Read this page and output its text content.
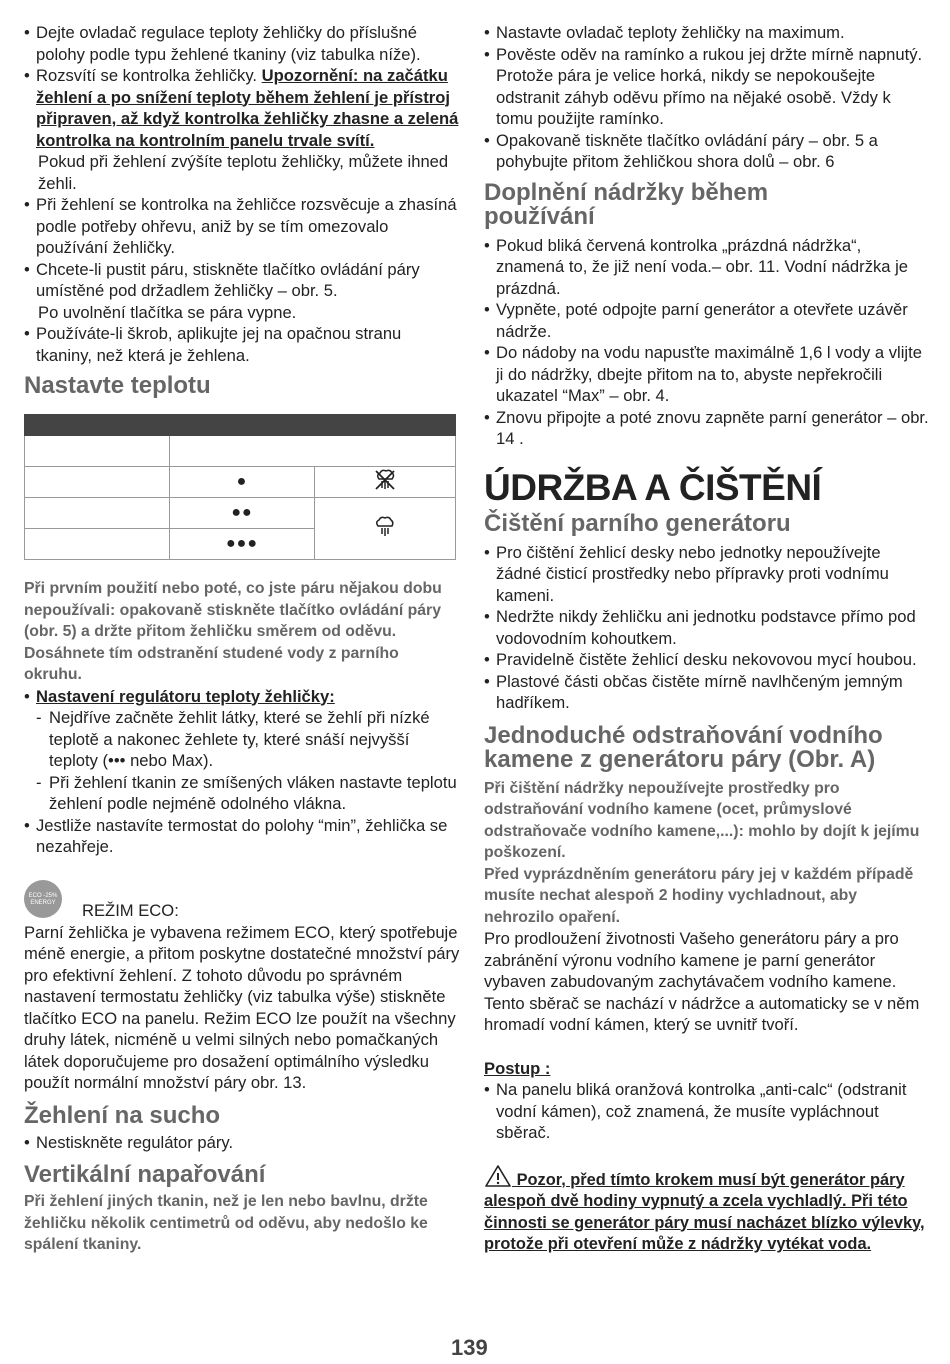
• Dejte ovladač regulace teploty žehličky do příslušné polohy podle typu žehlené tkaniny (viz tabulka níže).
• Rozsvítí se kontrolka žehličky. Upozornění: na začátku žehlení a po snížení teploty během žehlení je přístroj připraven, až když kontrolka žehličky zhasne a zelená kontrolka na kontrolním panelu trvale svítí.

Pokud při žehlení zvýšíte teplotu žehličky, můžete ihned žehli.

• Při žehlení se kontrolka na žehličce rozsvěcuje a zhasíná podle potřeby ohřevu, aniž by se tím omezovalo používání žehličky.
• Chcete-li pustit páru, stiskněte tlačítko ovládání páry umístěné pod držadlem žehličky – obr. 5.

Po uvolnění tlačítka se pára vypne.

• Používáte-li škrob, aplikujte jej na opačnou stranu tkaniny, než která je žehlena.
Nastavte teplotu

	●	
	●●	
	●●●	

Při prvním použití nebo poté, co jste páru nějakou dobu nepoužívali: opakovaně stiskněte tlačítko ovládání páry (obr. 5) a držte přitom žehličku směrem od oděvu. Dosáhnete tím odstranění studené vody z parního okruhu.

• Nastavení regulátoru teploty žehličky:
- Nejdříve začněte žehlit látky, které se žehlí při nízké teplotě a nakonec žehlete ty, které snáší nejvyšší teploty (••• nebo Max).
- Při žehlení tkanin ze smíšených vláken nastavte teplotu žehlení podle nejméně odolného vlákna.
• Jestliže nastavíte termostat do polohy “min”, žehlička se nezahřeje.
ECO -25% ENERGY REŽIM ECO:

Parní žehlička je vybavena režimem ECO, který spotřebuje méně energie, a přitom poskytne dostatečné množství páry pro efektivní žehlení. Z tohoto důvodu po správném nastavení termostatu žehličky (viz tabulka výše) stiskněte tlačítko ECO na panelu. Režim ECO lze použít na všechny druhy látek, nicméně u velmi silných nebo pomačkaných látek doporučujeme pro dosažení optimálního výsledku použít normální množství páry obr. 13.

Žehlení na sucho
• Nestiskněte regulátor páry.
Vertikální napařování

Při žehlení jiných tkanin, než je len nebo bavlnu, držte žehličku několik centimetrů od oděvu, aby nedošlo ke spálení tkaniny.

• Nastavte ovladač teploty žehličky na maximum.
• Pověste oděv na ramínko a rukou jej držte mírně napnutý. Protože pára je velice horká, nikdy se nepokoušejte odstranit záhyb oděvu přímo na nějaké osobě. Vždy k tomu použijte ramínko.
• Opakovaně tiskněte tlačítko ovládání páry – obr. 5 a pohybujte přitom žehličkou shora dolů – obr. 6
Doplnění nádržky během používání
• Pokud bliká červená kontrolka „prázdná nádržka“, znamená to, že již není voda.– obr. 11. Vodní nádržka je prázdná.
• Vypněte, poté odpojte parní generátor a otevřete uzávěr nádrže.
• Do nádoby na vodu napusťte maximálně 1,6 l vody a vlijte ji do nádržky, dbejte přitom na to, abyste nepřekročili ukazatel “Max” – obr. 4.
• Znovu připojte a poté znovu zapněte parní generátor – obr. 14 .
ÚDRŽBA A ČIŠTĚNÍ
Čištění parního generátoru
• Pro čištění žehlicí desky nebo jednotky nepoužívejte žádné čisticí prostředky nebo přípravky proti vodnímu kameni.
• Nedržte nikdy žehličku ani jednotku podstavce přímo pod vodovodním kohoutkem.
• Pravidelně čistěte žehlicí desku nekovovou mycí houbou.
• Plastové části občas čistěte mírně navlhčeným jemným hadříkem.
Jednoduché odstraňování vodního kamene z generátoru páry (Obr. A)

Při čištění nádržky nepoužívejte prostředky pro odstraňování vodního kamene (ocet, průmyslové odstraňovače vodního kamene,...): mohlo by dojít k jejímu poškození.

Před vyprázdněním generátoru páry jej v každém případě musíte nechat alespoň 2 hodiny vychladnout, aby nehrozilo opaření.

Pro prodloužení životnosti Vašeho generátoru páry a pro zabránění výronu vodního kamene je parní generátor vybaven zabudovaným zachytávačem vodního kamene. Tento sběrač se nachází v nádržce a automaticky se v něm hromadí vodní kámen, který se uvnitř tvoří.

Postup :

• Na panelu bliká oranžová kontrolka „anti-calc“ (odstranit vodní kámen), což znamená, že musíte vypláchnout sběrač.

Pozor, před tímto krokem musí být generátor páry alespoň dvě hodiny vypnutý a zcela vychladlý. Při této činnosti se generátor páry musí nacházet blízko výlevky, protože při otevření může z nádržky vytékat voda.

139
